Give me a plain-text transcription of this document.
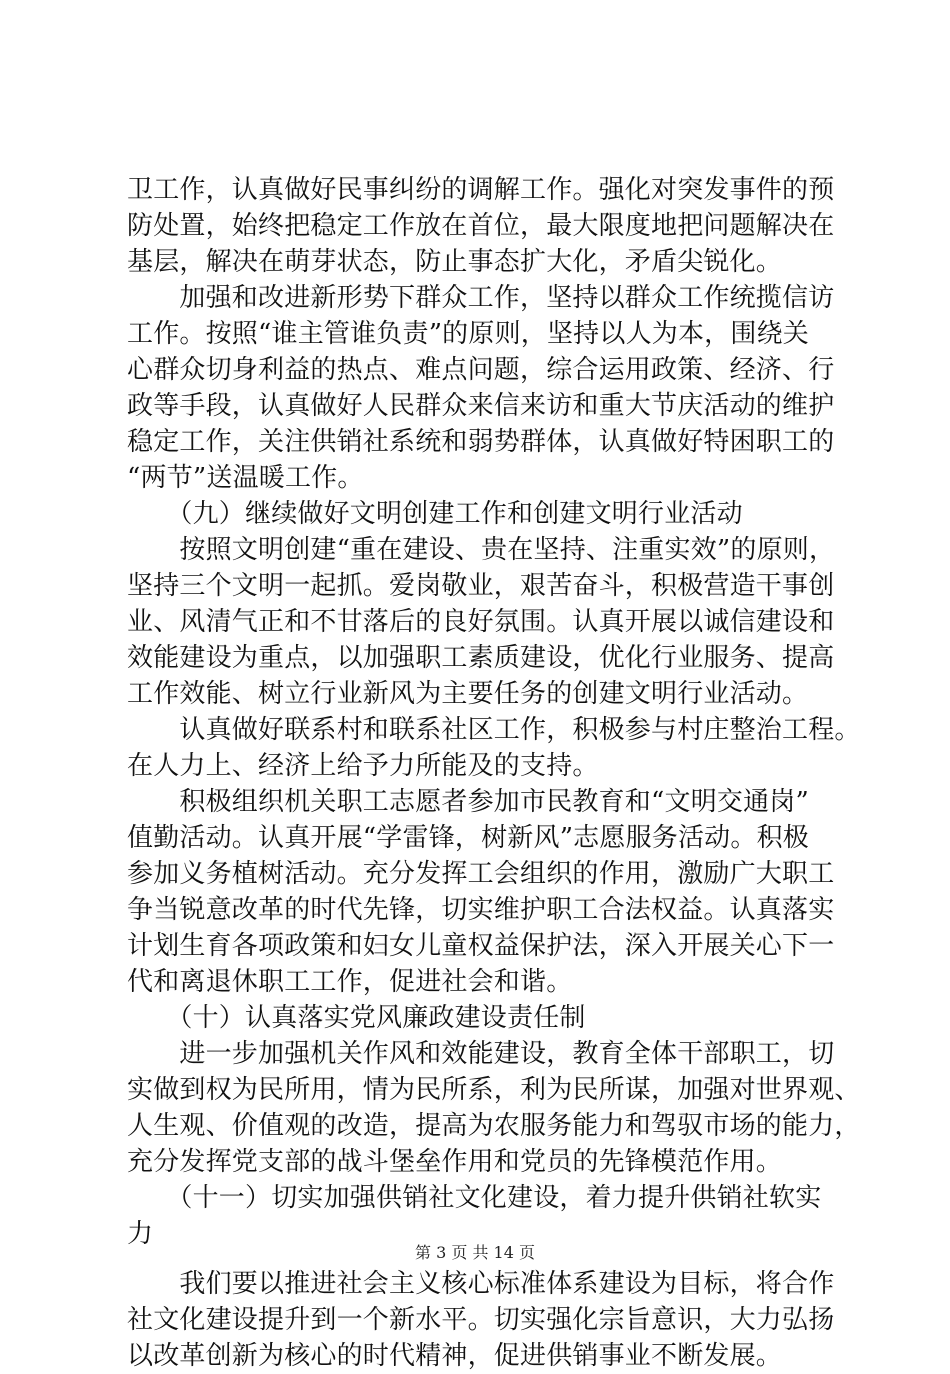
卫工作，认真做好民事纠纷的调解工作。强化对突发事件的预
防处置，始终把稳定工作放在首位，最大限度地把问题解决在
基层，解决在萌芽状态，防止事态扩大化，矛盾尖锐化。
　　加强和改进新形势下群众工作，坚持以群众工作统揽信访
工作。按照“谁主管谁负责”的原则，坚持以人为本，围绕关
心群众切身利益的热点、难点问题，综合运用政策、经济、行
政等手段，认真做好人民群众来信来访和重大节庆活动的维护
稳定工作，关注供销社系统和弱势群体，认真做好特困职工的
“两节”送温暖工作。
　　（九）继续做好文明创建工作和创建文明行业活动
　　按照文明创建“重在建设、贵在坚持、注重实效”的原则，
坚持三个文明一起抓。爱岗敬业，艰苦奋斗，积极营造干事创
业、风清气正和不甘落后的良好氛围。认真开展以诚信建设和
效能建设为重点，以加强职工素质建设，优化行业服务、提高
工作效能、树立行业新风为主要任务的创建文明行业活动。
　　认真做好联系村和联系社区工作，积极参与村庄整治工程。
在人力上、经济上给予力所能及的支持。
　　积极组织机关职工志愿者参加市民教育和“文明交通岗”
值勤活动。认真开展“学雷锋，树新风”志愿服务活动。积极
参加义务植树活动。充分发挥工会组织的作用，激励广大职工
争当锐意改革的时代先锋，切实维护职工合法权益。认真落实
计划生育各项政策和妇女儿童权益保护法，深入开展关心下一
代和离退休职工工作，促进社会和谐。
　　（十）认真落实党风廉政建设责任制
　　进一步加强机关作风和效能建设，教育全体干部职工，切
实做到权为民所用，情为民所系，利为民所谋，加强对世界观、
人生观、价值观的改造，提高为农服务能力和驾驭市场的能力，
充分发挥党支部的战斗堡垒作用和党员的先锋模范作用。
　　（十一）切实加强供销社文化建设，着力提升供销社软实
力
　　我们要以推进社会主义核心标准体系建设为目标，将合作
社文化建设提升到一个新水平。切实强化宗旨意识，大力弘扬
以改革创新为核心的时代精神，促进供销事业不断发展。
第 3 页 共 14 页
